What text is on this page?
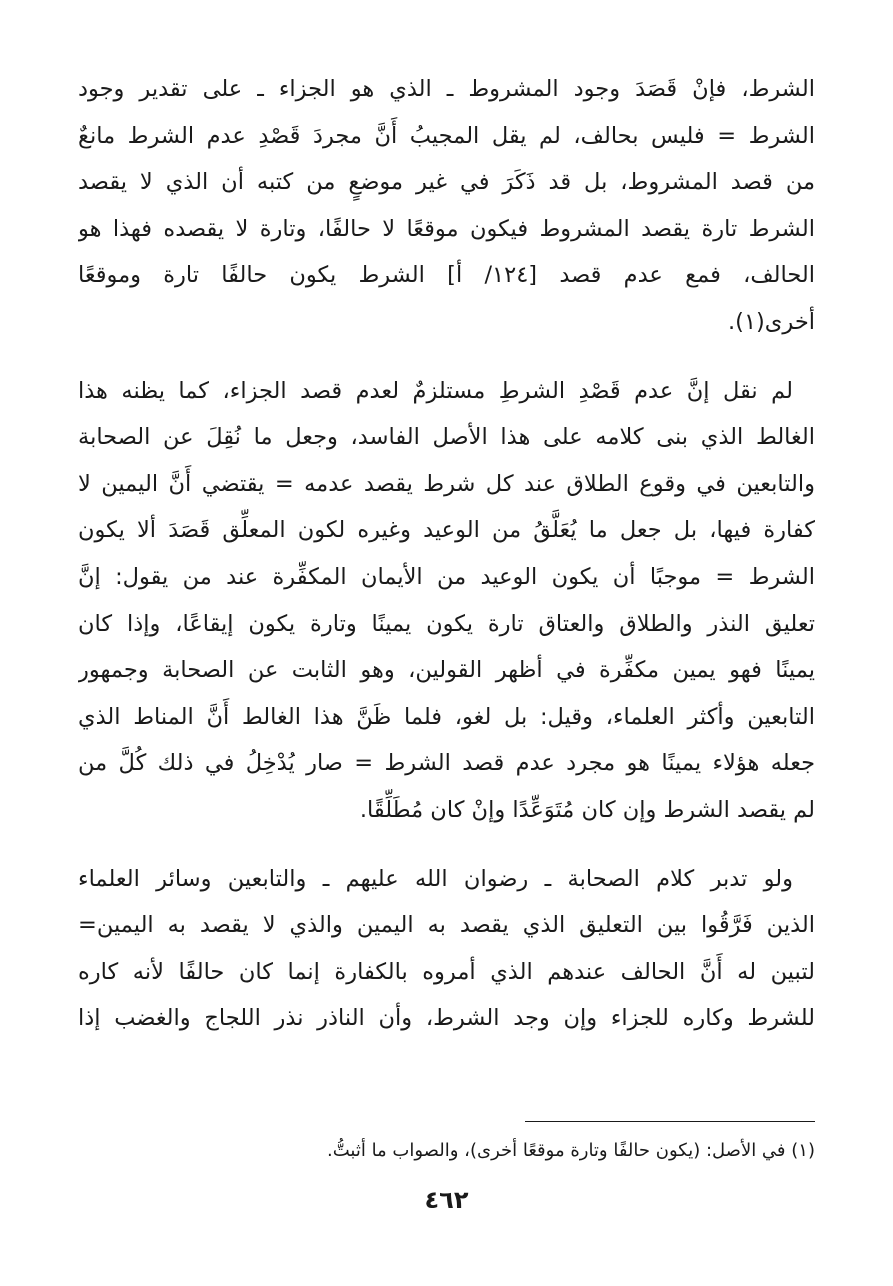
الشرط، فإنْ قَصَدَ وجود المشروط ـ الذي هو الجزاء ـ على تقدير وجود
الشرط = فليس بحالف، لم يقل المجيبُ أَنَّ مجردَ قَصْدِ عدم الشرط مانعٌ
من قصد المشروط، بل قد ذَكَرَ في غير موضعٍ من كتبه أن الذي لا يقصد
الشرط تارة يقصد المشروط فيكون موقعًا لا حالفًا، وتارة لا يقصده فهذا هو
الحالف، فمع عدم قصد [١٢٤/ أ] الشرط يكون حالفًا تارة وموقعًا
أخرى(١).
لم نقل إنَّ عدم قَصْدِ الشرطِ مستلزمٌ لعدم قصد الجزاء، كما يظنه هذا
الغالط الذي بنى كلامه على هذا الأصل الفاسد، وجعل ما نُقِلَ عن الصحابة
والتابعين في وقوع الطلاق عند كل شرط يقصد عدمه = يقتضي أَنَّ اليمين لا
كفارة فيها، بل جعل ما يُعَلَّقُ من الوعيد وغيره لكون المعلِّق قَصَدَ ألا يكون
الشرط = موجبًا أن يكون الوعيد من الأيمان المكفِّرة عند من يقول: إنَّ
تعليق النذر والطلاق والعتاق تارة يكون يمينًا وتارة يكون إيقاعًا، وإذا كان
يمينًا فهو يمين مكفِّرة في أظهر القولين، وهو الثابت عن الصحابة وجمهور
التابعين وأكثر العلماء، وقيل: بل لغو، فلما ظَنَّ هذا الغالط أَنَّ المناط الذي
جعله هؤلاء يمينًا هو مجرد عدم قصد الشرط = صار يُدْخِلُ في ذلك كُلَّ من
لم يقصد الشرط وإن كان مُتَوَعِّدًا وإنْ كان مُطَلِّقًا.
ولو تدبر كلام الصحابة ـ رضوان الله عليهم ـ والتابعين وسائر العلماء
الذين فَرَّقُوا بين التعليق الذي يقصد به اليمين والذي لا يقصد به اليمين=
لتبين له أَنَّ الحالف عندهم الذي أمروه بالكفارة إنما كان حالفًا لأنه كاره
للشرط وكاره للجزاء وإن وجد الشرط، وأن الناذر نذر اللجاج والغضب إذا
(١) في الأصل: (يكون حالفًا وتارة موقعًا أخرى)، والصواب ما أثبتُّ.
٤٦٢
